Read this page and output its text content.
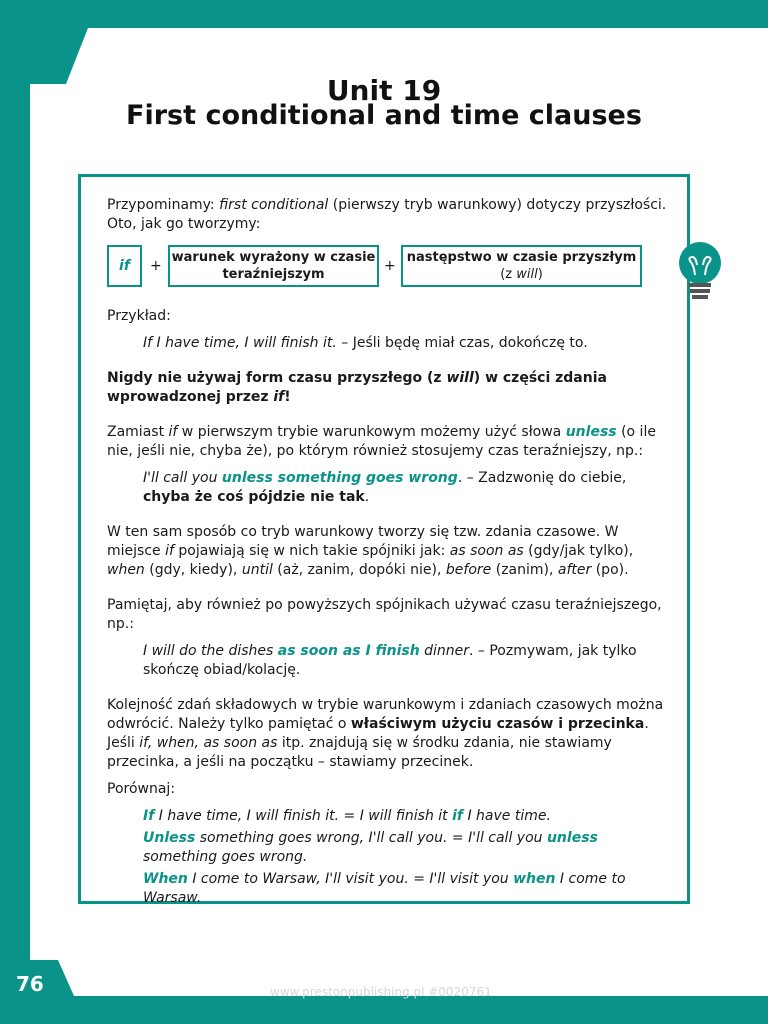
Unit 19
First conditional and time clauses

Przypominamy: first conditional (pierwszy tryb warunkowy) dotyczy przyszłości. Oto, jak go tworzymy:

if	+
warunek wyrażony w czasie teraźniejszym
+
następstwo w czasie przyszłym
(z will)

Przykład:

If I have time, I will finish it. – Jeśli będę miał czas, dokończę to.

Nigdy nie używaj form czasu przyszłego (z will) w części zdania wprowadzonej przez if!

Zamiast if w pierwszym trybie warunkowym możemy użyć słowa unless (o ile nie, jeśli nie, chyba że), po którym również stosujemy czas teraźniejszy, np.:

I'll call you unless something goes wrong. – Zadzwonię do ciebie, chyba że coś pójdzie nie tak.

W ten sam sposób co tryb warunkowy tworzy się tzw. zdania czasowe. W miejsce if pojawiają się w nich takie spójniki jak: as soon as (gdy/jak tylko), when (gdy, kiedy), until (aż, zanim, dopóki nie), before (zanim), after (po).

Pamiętaj, aby również po powyższych spójnikach używać czasu teraźniejszego, np.:

I will do the dishes as soon as I finish dinner. – Pozmywam, jak tylko skończę obiad/kolację.

Kolejność zdań składowych w trybie warunkowym i zdaniach czasowych można odwrócić. Należy tylko pamiętać o właściwym użyciu czasów i przecinka. Jeśli if, when, as soon as itp. znajdują się w środku zdania, nie stawiamy przecinka, a jeśli na początku – stawiamy przecinek.

Porównaj:

If I have time, I will finish it. = I will finish it if I have time.

Unless something goes wrong, I'll call you. = I'll call you unless something goes wrong.

When I come to Warsaw, I'll visit you. = I'll visit you when I come to Warsaw.

76	www.prestonpublishing.pl #0020761
